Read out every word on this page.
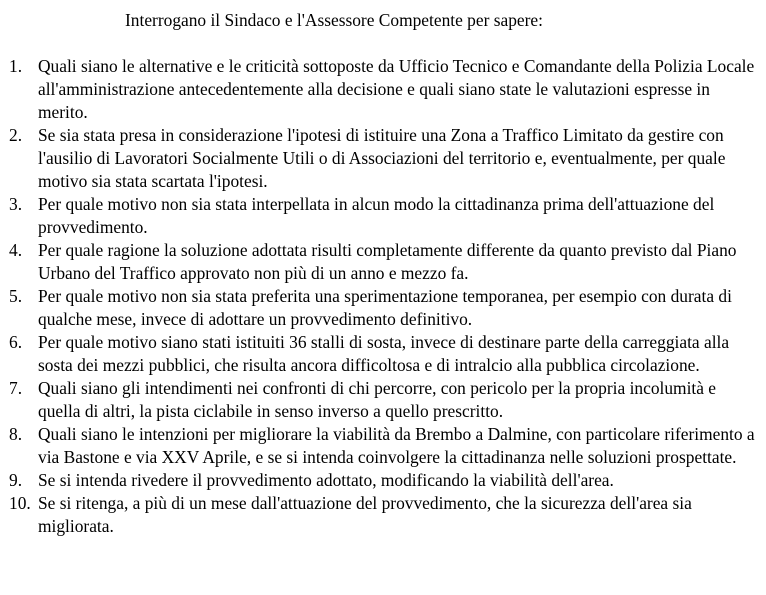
Interrogano il Sindaco e l'Assessore Competente per sapere:
1. Quali siano le alternative e le criticità sottoposte da Ufficio Tecnico e Comandante della Polizia Locale all'amministrazione antecedentemente alla decisione e quali siano state le valutazioni espresse in merito.
2. Se sia stata presa in considerazione l'ipotesi di istituire una Zona a Traffico Limitato da gestire con l'ausilio di Lavoratori Socialmente Utili o di Associazioni del territorio e, eventualmente, per quale motivo sia stata scartata l'ipotesi.
3. Per quale motivo non sia stata interpellata in alcun modo la cittadinanza prima dell'attuazione del provvedimento.
4. Per quale ragione la soluzione adottata risulti completamente differente da quanto previsto dal Piano Urbano del Traffico approvato non più di un anno e mezzo fa.
5. Per quale motivo non sia stata preferita una sperimentazione temporanea, per esempio con durata di qualche mese, invece di adottare un provvedimento definitivo.
6. Per quale motivo siano stati istituiti 36 stalli di sosta, invece di destinare parte della carreggiata alla sosta dei mezzi pubblici, che risulta ancora difficoltosa e di intralcio alla pubblica circolazione.
7. Quali siano gli intendimenti nei confronti di chi percorre, con pericolo per la propria incolumità e quella di altri, la pista ciclabile in senso inverso a quello prescritto.
8. Quali siano le intenzioni per migliorare la viabilità da Brembo a Dalmine, con particolare riferimento a via Bastone e via XXV Aprile, e se si intenda coinvolgere la cittadinanza nelle soluzioni prospettate.
9. Se si intenda rivedere il provvedimento adottato, modificando la viabilità dell'area.
10. Se si ritenga, a più di un mese dall'attuazione del provvedimento, che la sicurezza dell'area sia migliorata.
